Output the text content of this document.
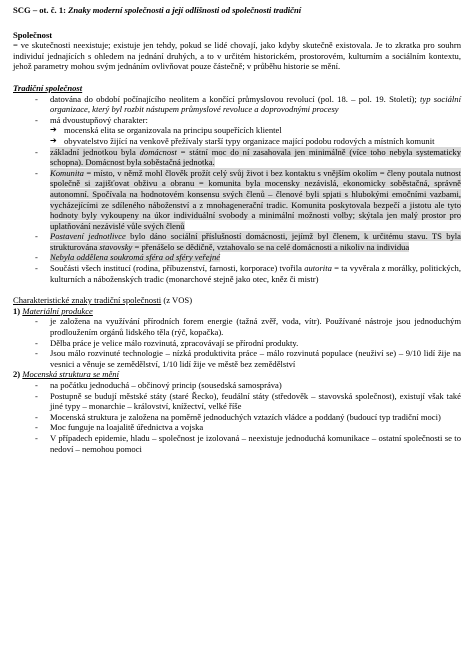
SCG – ot. č. 1: Znaky moderní společnosti a její odlišnosti od společnosti tradiční
Společnost

= ve skutečnosti neexistuje; existuje jen tehdy, pokud se lidé chovají, jako kdyby skutečně existovala. Je to zkratka pro souhrn individuí jednajících s ohledem na jednání druhých, a to v určitém historickém, prostorovém, kulturním a sociálním kontextu, jehož parametry mohou svým jednáním ovlivňovat pouze částečně; v průběhu historie se mění.

Tradiční společnost
- datována do období počínajícího neolitem a končící průmyslovou revolucí (pol. 18. – pol. 19. Století); typ sociální organizace, který byl rozbit nástupem průmyslové revoluce a doprovodnými procesy
- má dvoustupňový charakter:
➔ mocenská elita se organizovala na principu soupeřících klientel
➔ obyvatelstvo žijící na venkově přežívaly starší typy organizace mající podobu rodových a místních komunit
- základní jednotkou byla domácnost = státní moc do ní zasahovala jen minimálně (více toho nebyla systematicky schopna). Domácnost byla soběstačná jednotka.
- Komunita = místo, v němž mohl člověk prožít celý svůj život i bez kontaktu s vnějším okolím = členy poutala nutnost společně si zajišťovat obživu a obranu = komunita byla mocensky nezávislá, ekonomicky soběstačná, správně autonomní. Spočívala na hodnotovém konsensu svých členů – členové byli spjati s hlubokými emočními vazbami, vycházejícími ze sdíleného náboženství a z mnohagenerační tradic. Komunita poskytovala bezpečí a jistotu ale tyto hodnoty byly vykoupeny na úkor individuální svobody a minimální možnosti volby; skýtala jen malý prostor pro uplatňování nezávislé vůle svých členů
- Postavení jednotlivce bylo dáno sociální příslušností domácnosti, jejímž byl členem, k určitému stavu. TS byla strukturována stavovsky = přenášelo se dědičně, vztahovalo se na celé domácnosti a nikoliv na individua
- Nebyla oddělena soukromá sféra od sféry veřejné
- Součásti všech institucí (rodina, příbuzenství, farnosti, korporace) tvořila autorita = ta vyvěrala z morálky, politických, kulturních a náboženských tradic (monarchové stejně jako otec, kněz či mistr)
Charakteristické znaky tradiční společnosti (z VOS)
1) Materiální produkce
- je založena na využívání přírodních forem energie (tažná zvěř, voda, vítr). Používané nástroje jsou jednoduchým prodloužením orgánů lidského těla (rýč, kopačka).
- Dělba práce je velice málo rozvinutá, zpracovávají se přírodní produkty.
- Jsou málo rozvinuté technologie – nízká produktivita práce – málo rozvinutá populace (neuživí se) – 9/10 lidí žije na vesnici a věnuje se zemědělství, 1/10 lidí žije ve městě bez zemědělství
2) Mocenská struktura se mění
- na počátku jednoduchá – občinový princip (sousedská samosprávа)
- Postupně se budují městské státy (staré Řecko), feudální státy (středověk – stavovská společnost), existují však také jiné typy – monarchie – království, knížectví, velké říše
- Mocenská struktura je založena na poměrně jednoduchých vztazích vládce a poddaný (budoucí typ tradiční moci)
- Moc funguje na loajalitě úřednictva a vojska
- V případech epidemie, hladu – společnost je izolovaná – neexistuje jednoduchá komunikace – ostatní společnosti se to nedoví – nemohou pomoci
